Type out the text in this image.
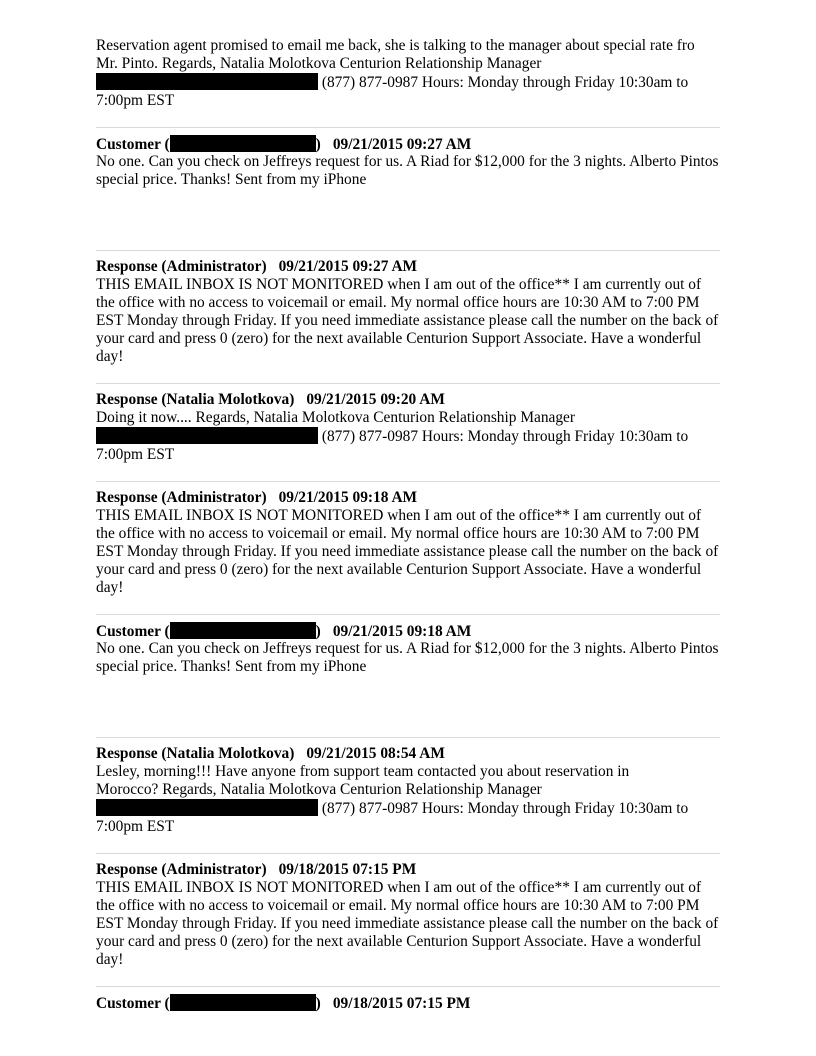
Reservation agent promised to email me back, she is talking to the manager about special rate fro
Mr. Pinto. Regards, Natalia Molotkova Centurion Relationship Manager
(877) 877-0987 Hours: Monday through Friday 10:30am to
7:00pm EST
Customer (	) 09/21/2015 09:27 AM

No one. Can you check on Jeffreys request for us. A Riad for $12,000 for the 3 nights. Alberto Pintos special price. Thanks! Sent from my iPhone

Response (Administrator) 09/21/2015 09:27 AM

THIS EMAIL INBOX IS NOT MONITORED when I am out of the office** I am currently out of the office with no access to voicemail or email. My normal office hours are 10:30 AM to 7:00 PM EST Monday through Friday. If you need immediate assistance please call the number on the back of your card and press 0 (zero) for the next available Centurion Support Associate. Have a wonderful day!

Response (Natalia Molotkova) 09/21/2015 09:20 AM
Doing it now.... Regards, Natalia Molotkova Centurion Relationship Manager
(877) 877-0987 Hours: Monday through Friday 10:30am to
7:00pm EST
Response (Administrator) 09/21/2015 09:18 AM

THIS EMAIL INBOX IS NOT MONITORED when I am out of the office** I am currently out of the office with no access to voicemail or email. My normal office hours are 10:30 AM to 7:00 PM EST Monday through Friday. If you need immediate assistance please call the number on the back of your card and press 0 (zero) for the next available Centurion Support Associate. Have a wonderful day!

Customer (	) 09/21/2015 09:18 AM

No one. Can you check on Jeffreys request for us. A Riad for $12,000 for the 3 nights. Alberto Pintos special price. Thanks! Sent from my iPhone

Response (Natalia Molotkova) 09/21/2015 08:54 AM
Lesley, morning!!! Have anyone from support team contacted you about reservation in
Morocco? Regards, Natalia Molotkova Centurion Relationship Manager
(877) 877-0987 Hours: Monday through Friday 10:30am to
7:00pm EST
Response (Administrator) 09/18/2015 07:15 PM

THIS EMAIL INBOX IS NOT MONITORED when I am out of the office** I am currently out of the office with no access to voicemail or email. My normal office hours are 10:30 AM to 7:00 PM EST Monday through Friday. If you need immediate assistance please call the number on the back of your card and press 0 (zero) for the next available Centurion Support Associate. Have a wonderful day!

Customer (	) 09/18/2015 07:15 PM
